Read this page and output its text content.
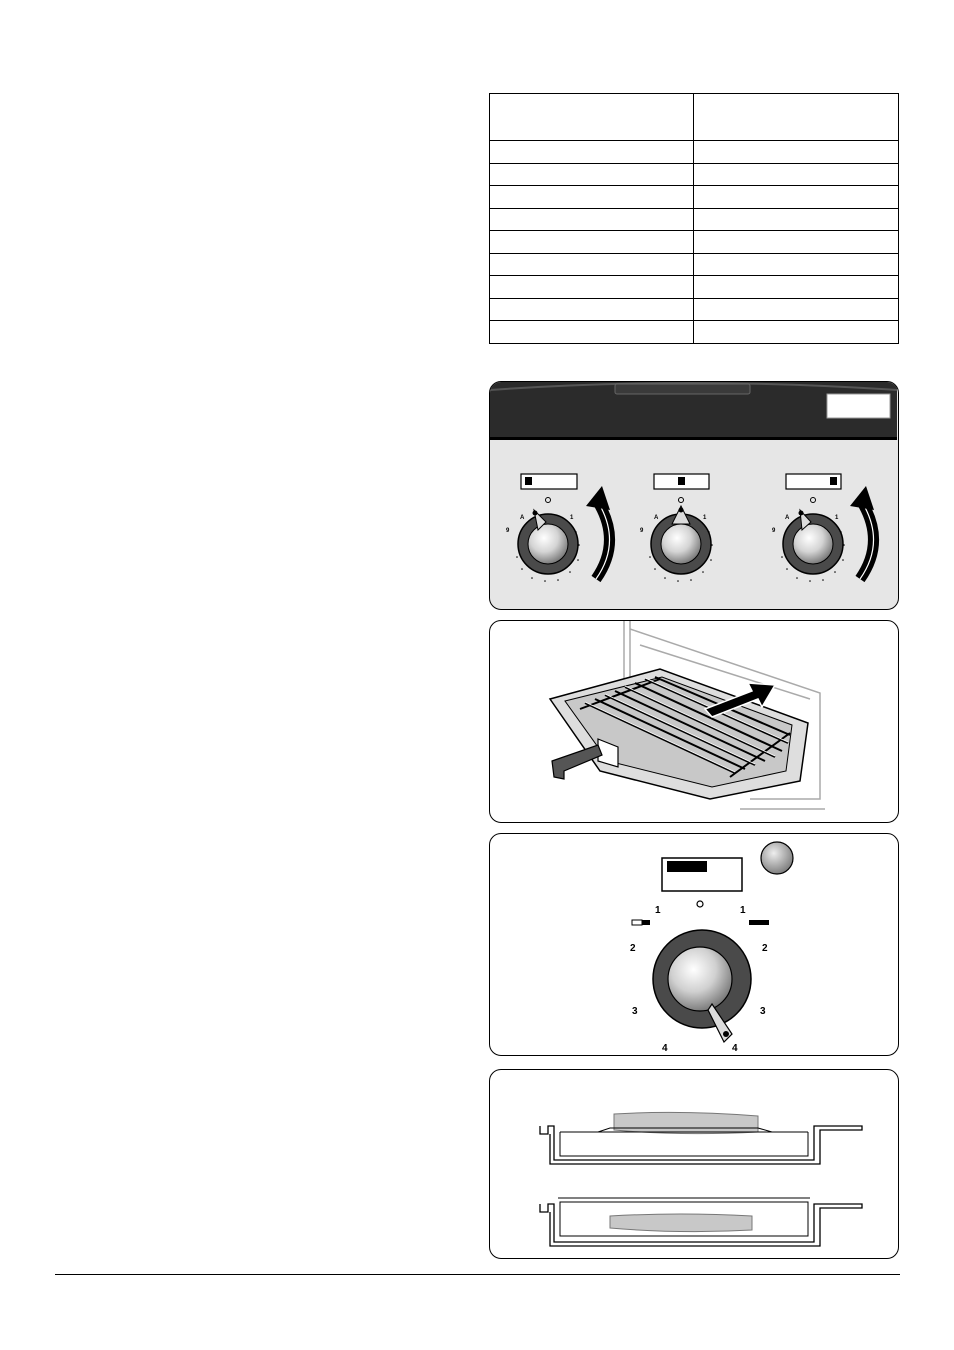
A
9
1	A
9
1	A
9
1
1
2
3
4
1
2
3
4
